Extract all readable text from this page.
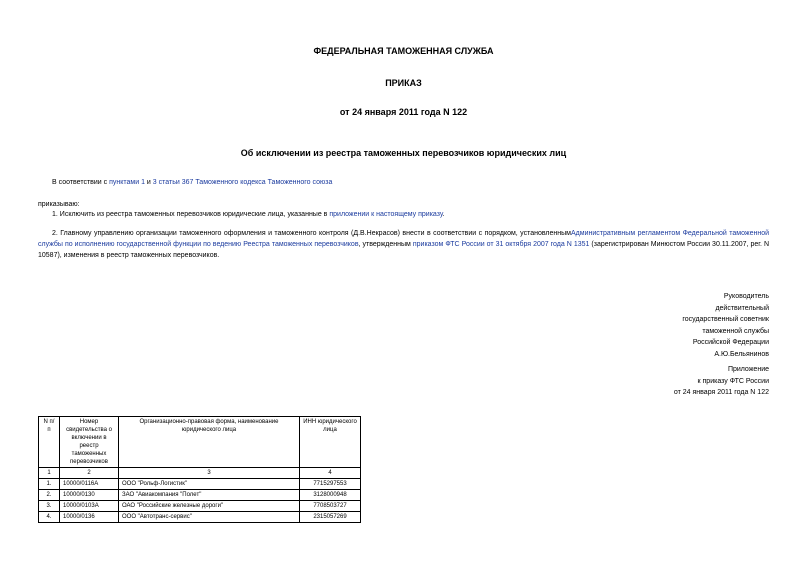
ФЕДЕРАЛЬНАЯ ТАМОЖЕННАЯ СЛУЖБА
ПРИКАЗ
от 24 января 2011 года N 122
Об исключении из реестра таможенных перевозчиков юридических лиц
В соответствии с пунктами 1 и 3 статьи 367 Таможенного кодекса Таможенного союза
приказываю:
1. Исключить из реестра таможенных перевозчиков юридические лица, указанные в приложении к настоящему приказу.
2. Главному управлению организации таможенного оформления и таможенного контроля (Д.В.Некрасов) внести в соответствии с порядком, установленнымАдминистративным регламентом Федеральной таможенной службы по исполнению государственной функции по ведению Реестра таможенных перевозчиков, утвержденным приказом ФТС России от 31 октября 2007 года N 1351 (зарегистрирован Минюстом России 30.11.2007, рег. N 10587), изменения в реестр таможенных перевозчиков.
Руководитель
действительный
государственный советник
таможенной службы
Российской Федерации
А.Ю.Бельянинов
Приложение
к приказу ФТС России
от 24 января 2011 года N 122
N п/п	Номер свидетельства о включении в реестр таможенных перевозчиков	Организационно-правовая форма, наименование юридического лица	ИНН юридического лица
1	2	3	4
1.	10000/0116А	ООО "Рольф-Логистик"	7715297553
2.	10000/0130	ЗАО "Авиакомпания "Полет"	3128000948
3.	10000/0103А	ОАО "Российские железные дороги"	7708503727
4.	10000/0136	ООО "Автотранс-сервис"	2315057269
